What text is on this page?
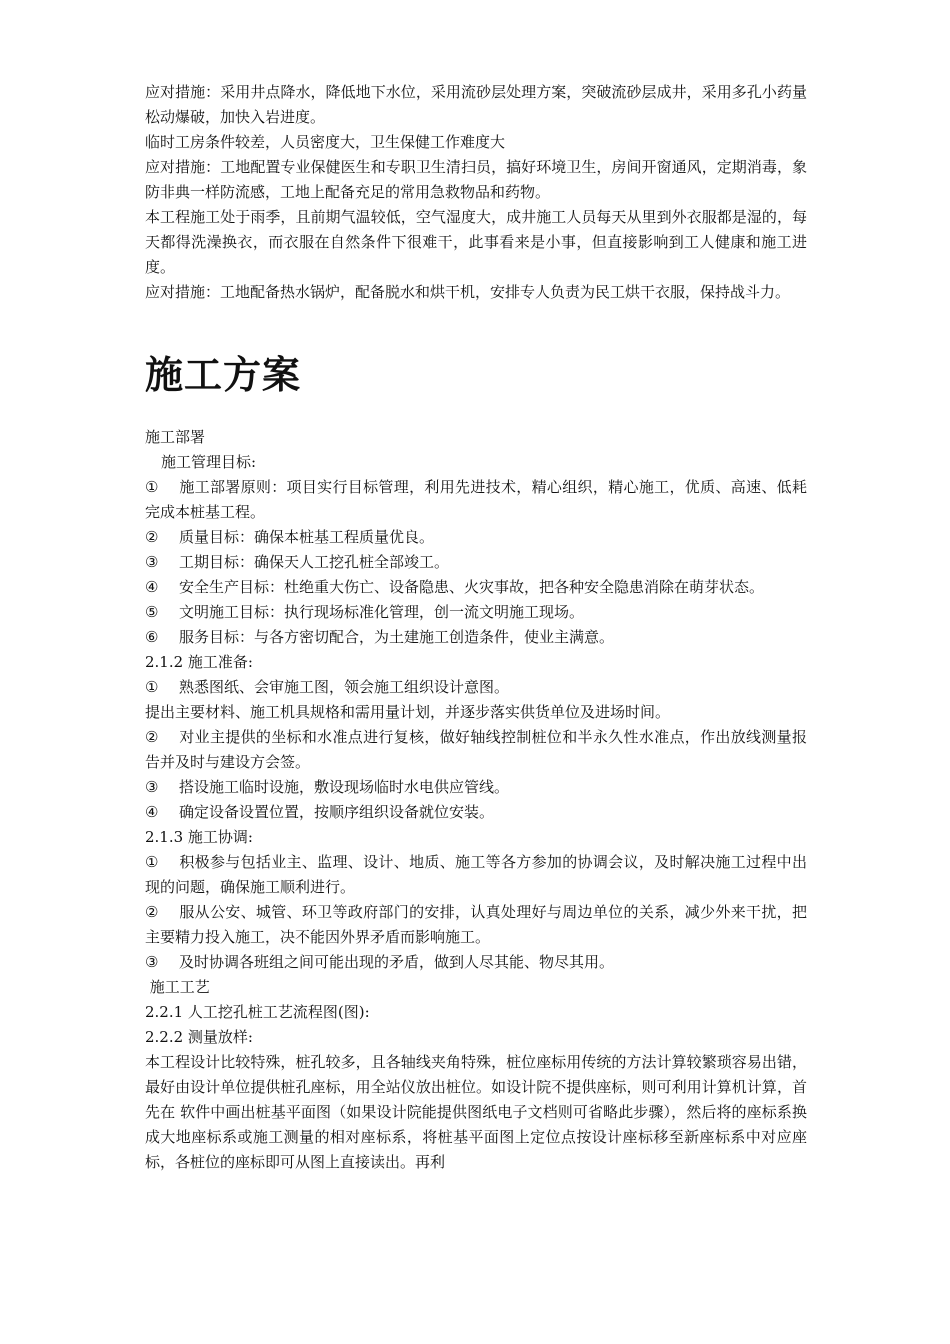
应对措施：采用井点降水，降低地下水位，采用流砂层处理方案，突破流砂层成井，采用多孔小药量松动爆破，加快入岩进度。

临时工房条件较差，人员密度大，卫生保健工作难度大

应对措施：工地配置专业保健医生和专职卫生清扫员，搞好环境卫生，房间开窗通风，定期消毒，象防非典一样防流感，工地上配备充足的常用急救物品和药物。

本工程施工处于雨季，且前期气温较低，空气湿度大，成井施工人员每天从里到外衣服都是湿的，每天都得洗澡换衣，而衣服在自然条件下很难干，此事看来是小事，但直接影响到工人健康和施工进度。

应对措施：工地配备热水锅炉，配备脱水和烘干机，安排专人负责为民工烘干衣服，保持战斗力。

施工方案

施工部署

施工管理目标:

① 施工部署原则：项目实行目标管理，利用先进技术，精心组织，精心施工，优质、高速、低耗完成本桩基工程。

② 质量目标：确保本桩基工程质量优良。

③ 工期目标：确保天人工挖孔桩全部竣工。

④ 安全生产目标：杜绝重大伤亡、设备隐患、火灾事故，把各种安全隐患消除在萌芽状态。

⑤ 文明施工目标：执行现场标准化管理，创一流文明施工现场。

⑥ 服务目标：与各方密切配合，为土建施工创造条件，使业主满意。

2.1.2 施工准备:

① 熟悉图纸、会审施工图，领会施工组织设计意图。

提出主要材料、施工机具规格和需用量计划，并逐步落实供货单位及进场时间。

② 对业主提供的坐标和水准点进行复核，做好轴线控制桩位和半永久性水准点，作出放线测量报告并及时与建设方会签。

③ 搭设施工临时设施，敷设现场临时水电供应管线。

④ 确定设备设置位置，按顺序组织设备就位安装。

2.1.3 施工协调:

① 积极参与包括业主、监理、设计、地质、施工等各方参加的协调会议，及时解决施工过程中出现的问题，确保施工顺利进行。

② 服从公安、城管、环卫等政府部门的安排，认真处理好与周边单位的关系，减少外来干扰，把主要精力投入施工，决不能因外界矛盾而影响施工。

③ 及时协调各班组之间可能出现的矛盾，做到人尽其能、物尽其用。

施工工艺

2.2.1 人工挖孔桩工艺流程图(图):

2.2.2 测量放样:

本工程设计比较特殊，桩孔较多，且各轴线夹角特殊，桩位座标用传统的方法计算较繁琐容易出错，最好由设计单位提供桩孔座标，用全站仪放出桩位。如设计院不提供座标，则可利用计算机计算，首先在 软件中画出桩基平面图（如果设计院能提供图纸电子文档则可省略此步骤），然后将的座标系换成大地座标系或施工测量的相对座标系，将桩基平面图上定位点按设计座标移至新座标系中对应座标，各桩位的座标即可从图上直接读出。再利
